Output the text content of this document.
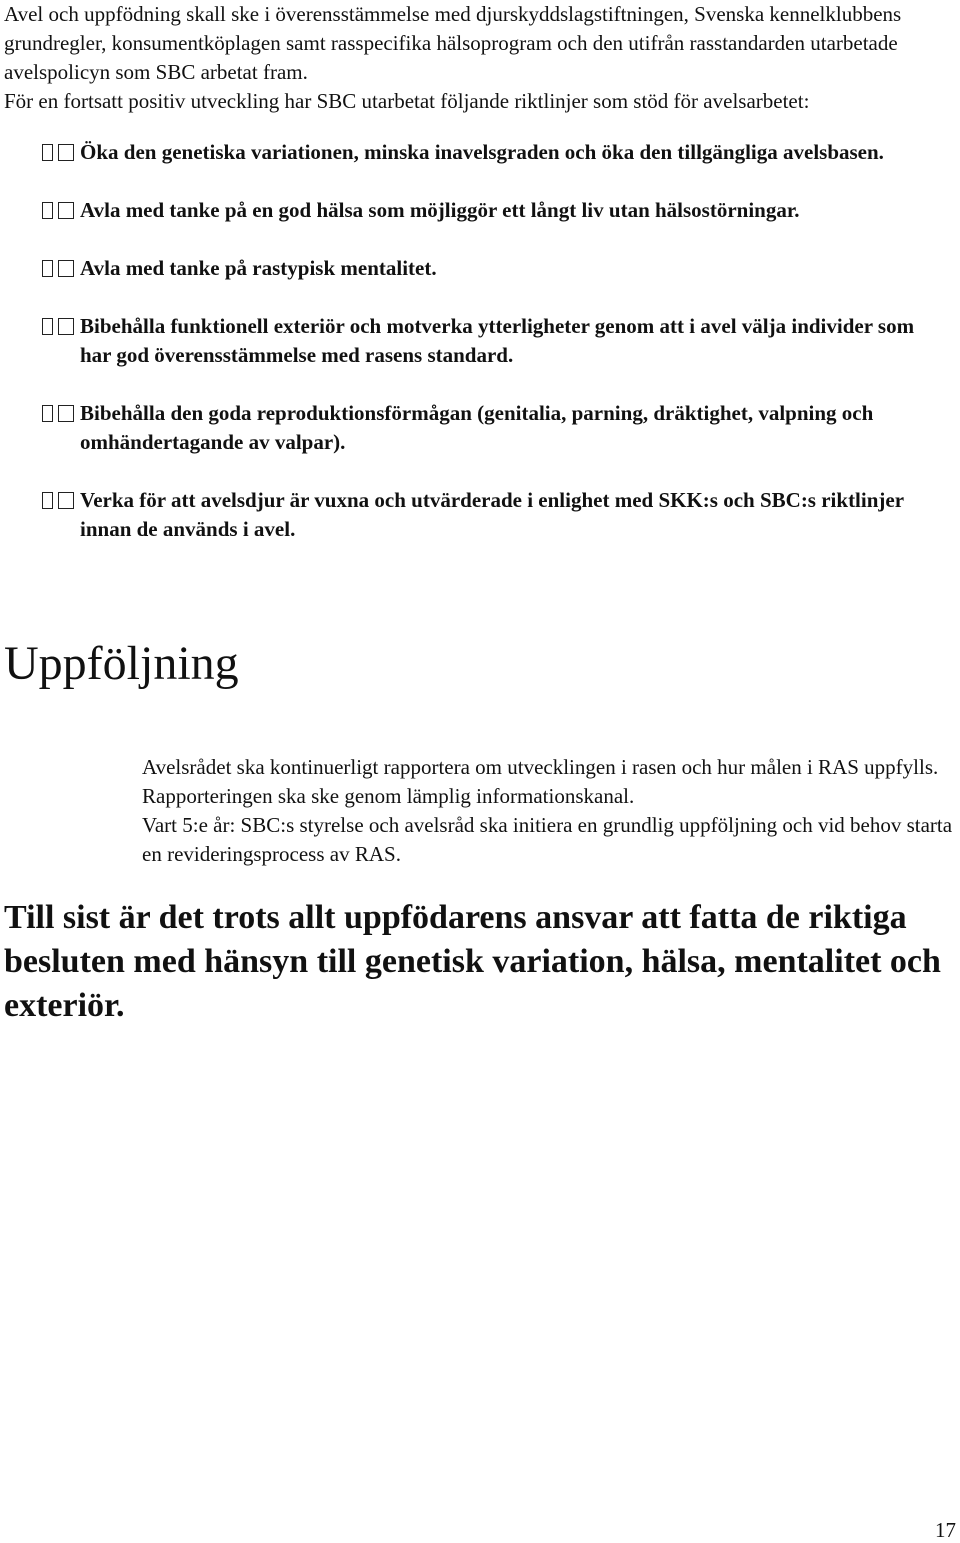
Avel och uppfödning skall ske i överensstämmelse med djurskyddslagstiftningen, Svenska kennelklubbens grundregler, konsumentköplagen samt rasspecifika hälsoprogram och den utifrån rasstandarden utarbetade avelspolicyn som SBC arbetat fram.

För en fortsatt positiv utveckling har SBC utarbetat följande riktlinjer som stöd för avelsarbetet:

Öka den genetiska variationen, minska inavelsgraden och öka den tillgängliga avelsbasen.
Avla med tanke på en god hälsa som möjliggör ett långt liv utan hälsostörningar.
Avla med tanke på rastypisk mentalitet.
Bibehålla funktionell exteriör och motverka ytterligheter genom att i avel välja individer som har god överensstämmelse med rasens standard.
Bibehålla den goda reproduktionsförmågan (genitalia, parning, dräktighet, valpning och omhändertagande av valpar).
Verka för att avelsdjur är vuxna och utvärderade i enlighet med SKK:s och SBC:s riktlinjer innan de används i avel.
Uppföljning

Avelsrådet ska kontinuerligt rapportera om utvecklingen i rasen och hur målen i RAS uppfylls. Rapporteringen ska ske genom lämplig informationskanal.

Vart 5:e år: SBC:s styrelse och avelsråd ska initiera en grundlig uppföljning och vid behov starta en revideringsprocess av RAS.

Till sist är det trots allt uppfödarens ansvar att fatta de riktiga besluten med hänsyn till genetisk variation, hälsa, mentalitet och exteriör.

17
